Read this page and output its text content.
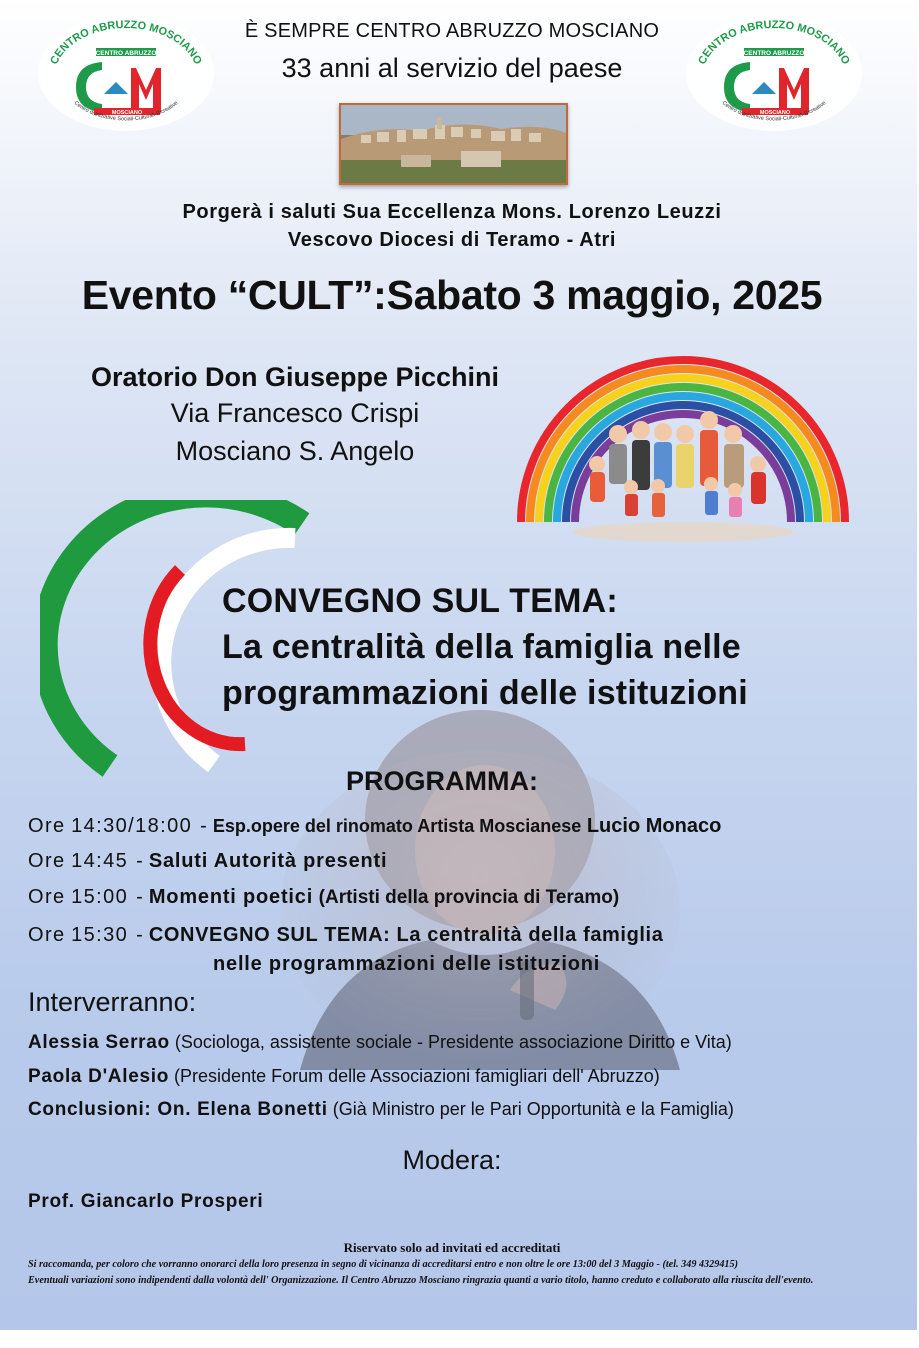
CENTRO ABRUZZO MOSCIANO
CENTRO ABRUZZO
MOSCIANO
Centro di Iniziative Sociali-Culturali-Ricreative
CENTRO ABRUZZO MOSCIANO
CENTRO ABRUZZO
MOSCIANO
Centro di Iniziative Sociali-Culturali-Ricreative
È SEMPRE CENTRO ABRUZZO MOSCIANO
33 anni al servizio del paese
Porgerà i saluti Sua Eccellenza Mons. Lorenzo Leuzzi
Vescovo Diocesi di Teramo - Atri
Evento “CULT”:Sabato 3 maggio, 2025
Oratorio Don Giuseppe Picchini
Via Francesco Crispi
Mosciano S. Angelo
CONVEGNO SUL TEMA:
La centralità della famiglia nelle
programmazioni delle istituzioni
PROGRAMMA:
Ore 14:30/18:00 - Esp.opere del rinomato Artista Moscianese Lucio Monaco
Ore 14:45 - Saluti Autorità presenti
Ore 15:00 - Momenti poetici (Artisti della provincia di Teramo)
Ore 15:30 - CONVEGNO SUL TEMA: La centralità della famiglia
nelle programmazioni delle istituzioni
Interverranno:
Alessia Serrao (Sociologa, assistente sociale - Presidente associazione Diritto e Vita)
Paola D'Alesio (Presidente Forum delle Associazioni famigliari dell' Abruzzo)
Conclusioni: On. Elena Bonetti (Già Ministro per le Pari Opportunità e la Famiglia)
Modera:
Prof. Giancarlo Prosperi
Riservato solo ad invitati ed accreditati
Si raccomanda, per coloro che vorranno onorarci della loro presenza in segno di vicinanza di accreditarsi entro e non oltre le ore 13:00 del 3 Maggio - (tel. 349 4329415)
Eventuali variazioni sono indipendenti dalla volontà dell' Organizzazione. Il Centro Abruzzo Mosciano ringrazia quanti a vario titolo, hanno creduto e collaborato alla riuscita dell'evento.
